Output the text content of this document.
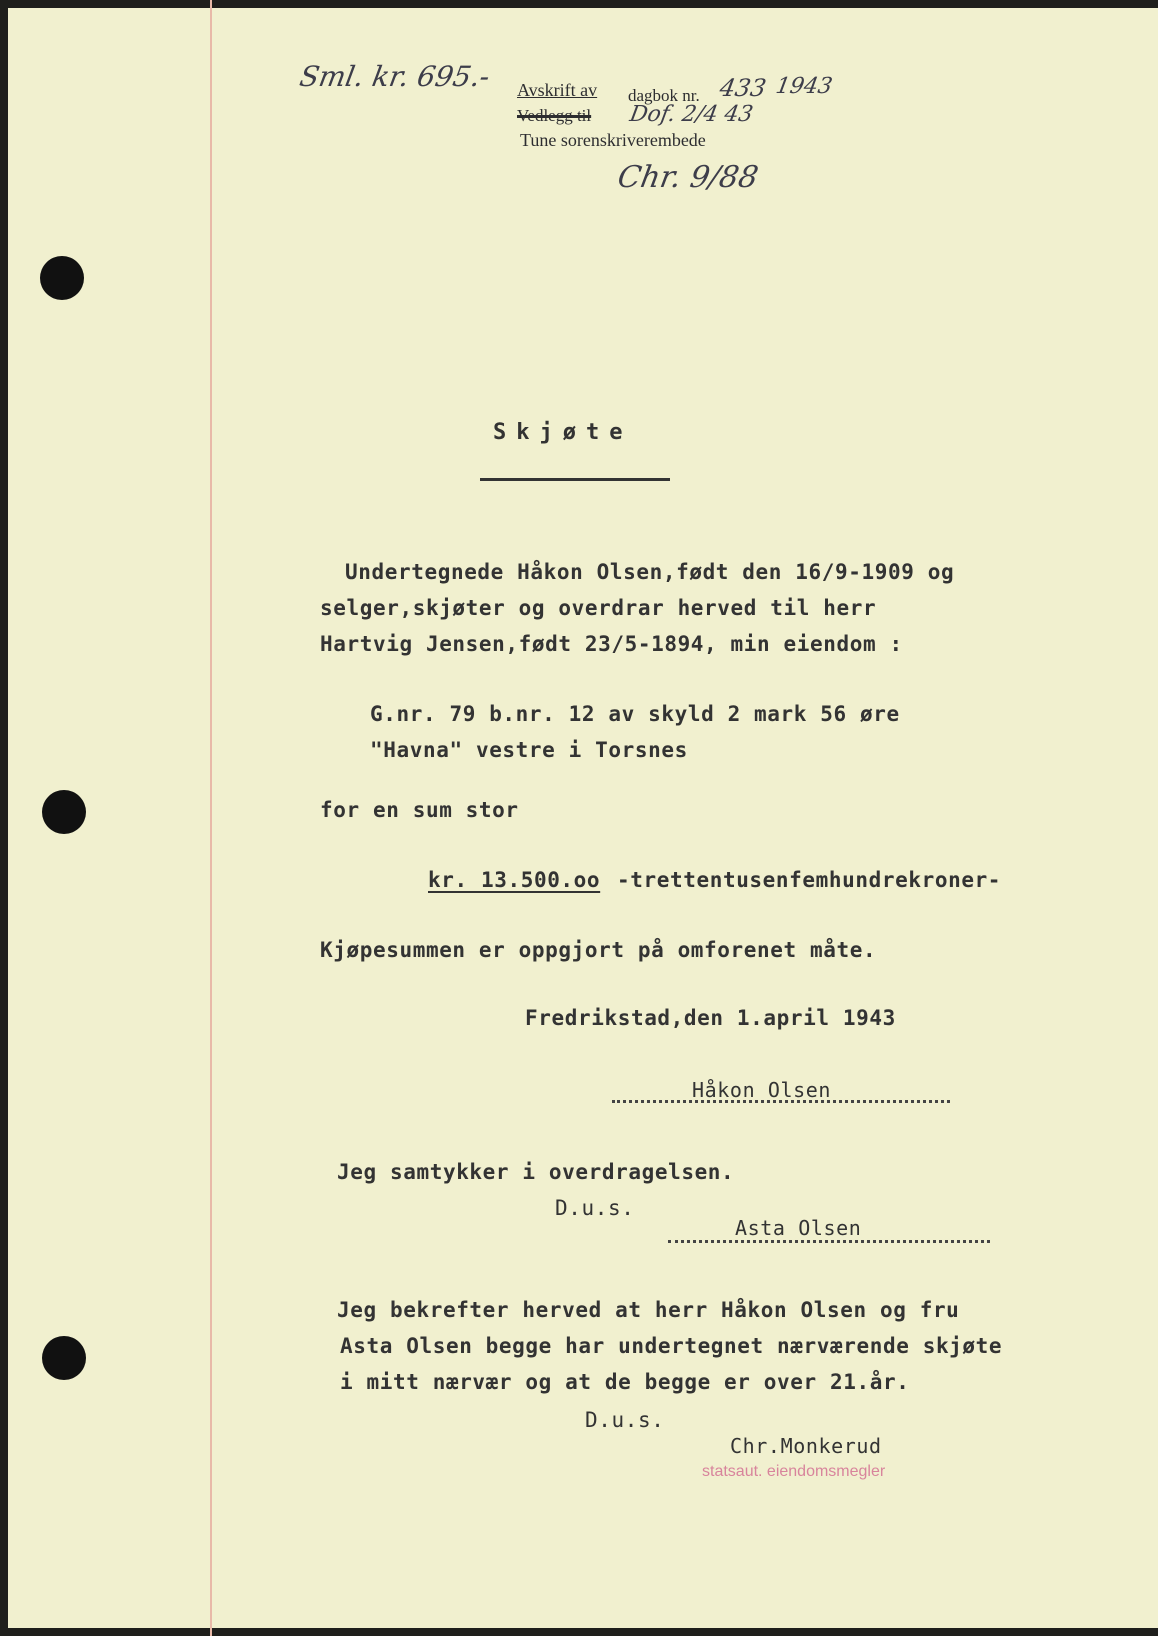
Sml. kr. 695.- Avskrift av dagbok nr. 433 1943
Vedlegg til Dof. 2/4 43
Tune sorenskriverembede
Chr. 9/88
Skjøte
Undertegnede Håkon Olsen,født den 16/9-1909 og
selger,skjøter og overdrar herved til herr
Hartvig Jensen,født 23/5-1894, min eiendom :
G.nr. 79 b.nr. 12 av skyld 2 mark 56 øre
"Havna" vestre i Torsnes
for en sum stor
kr. 13.500.oo -trettentusenfemhundrekroner-
Kjøpesummen er oppgjort på omforenet måte.
Fredrikstad,den 1.april 1943
Håkon Olsen
Jeg samtykker i overdragelsen.
D.u.s.
Asta Olsen
Jeg bekrefter herved at herr Håkon Olsen og fru
Asta Olsen begge har undertegnet nærværende skjøte
i mitt nærvær og at de begge er over 21.år.
D.u.s.
Chr.Monkerud
statsaut. eiendomsmegler
